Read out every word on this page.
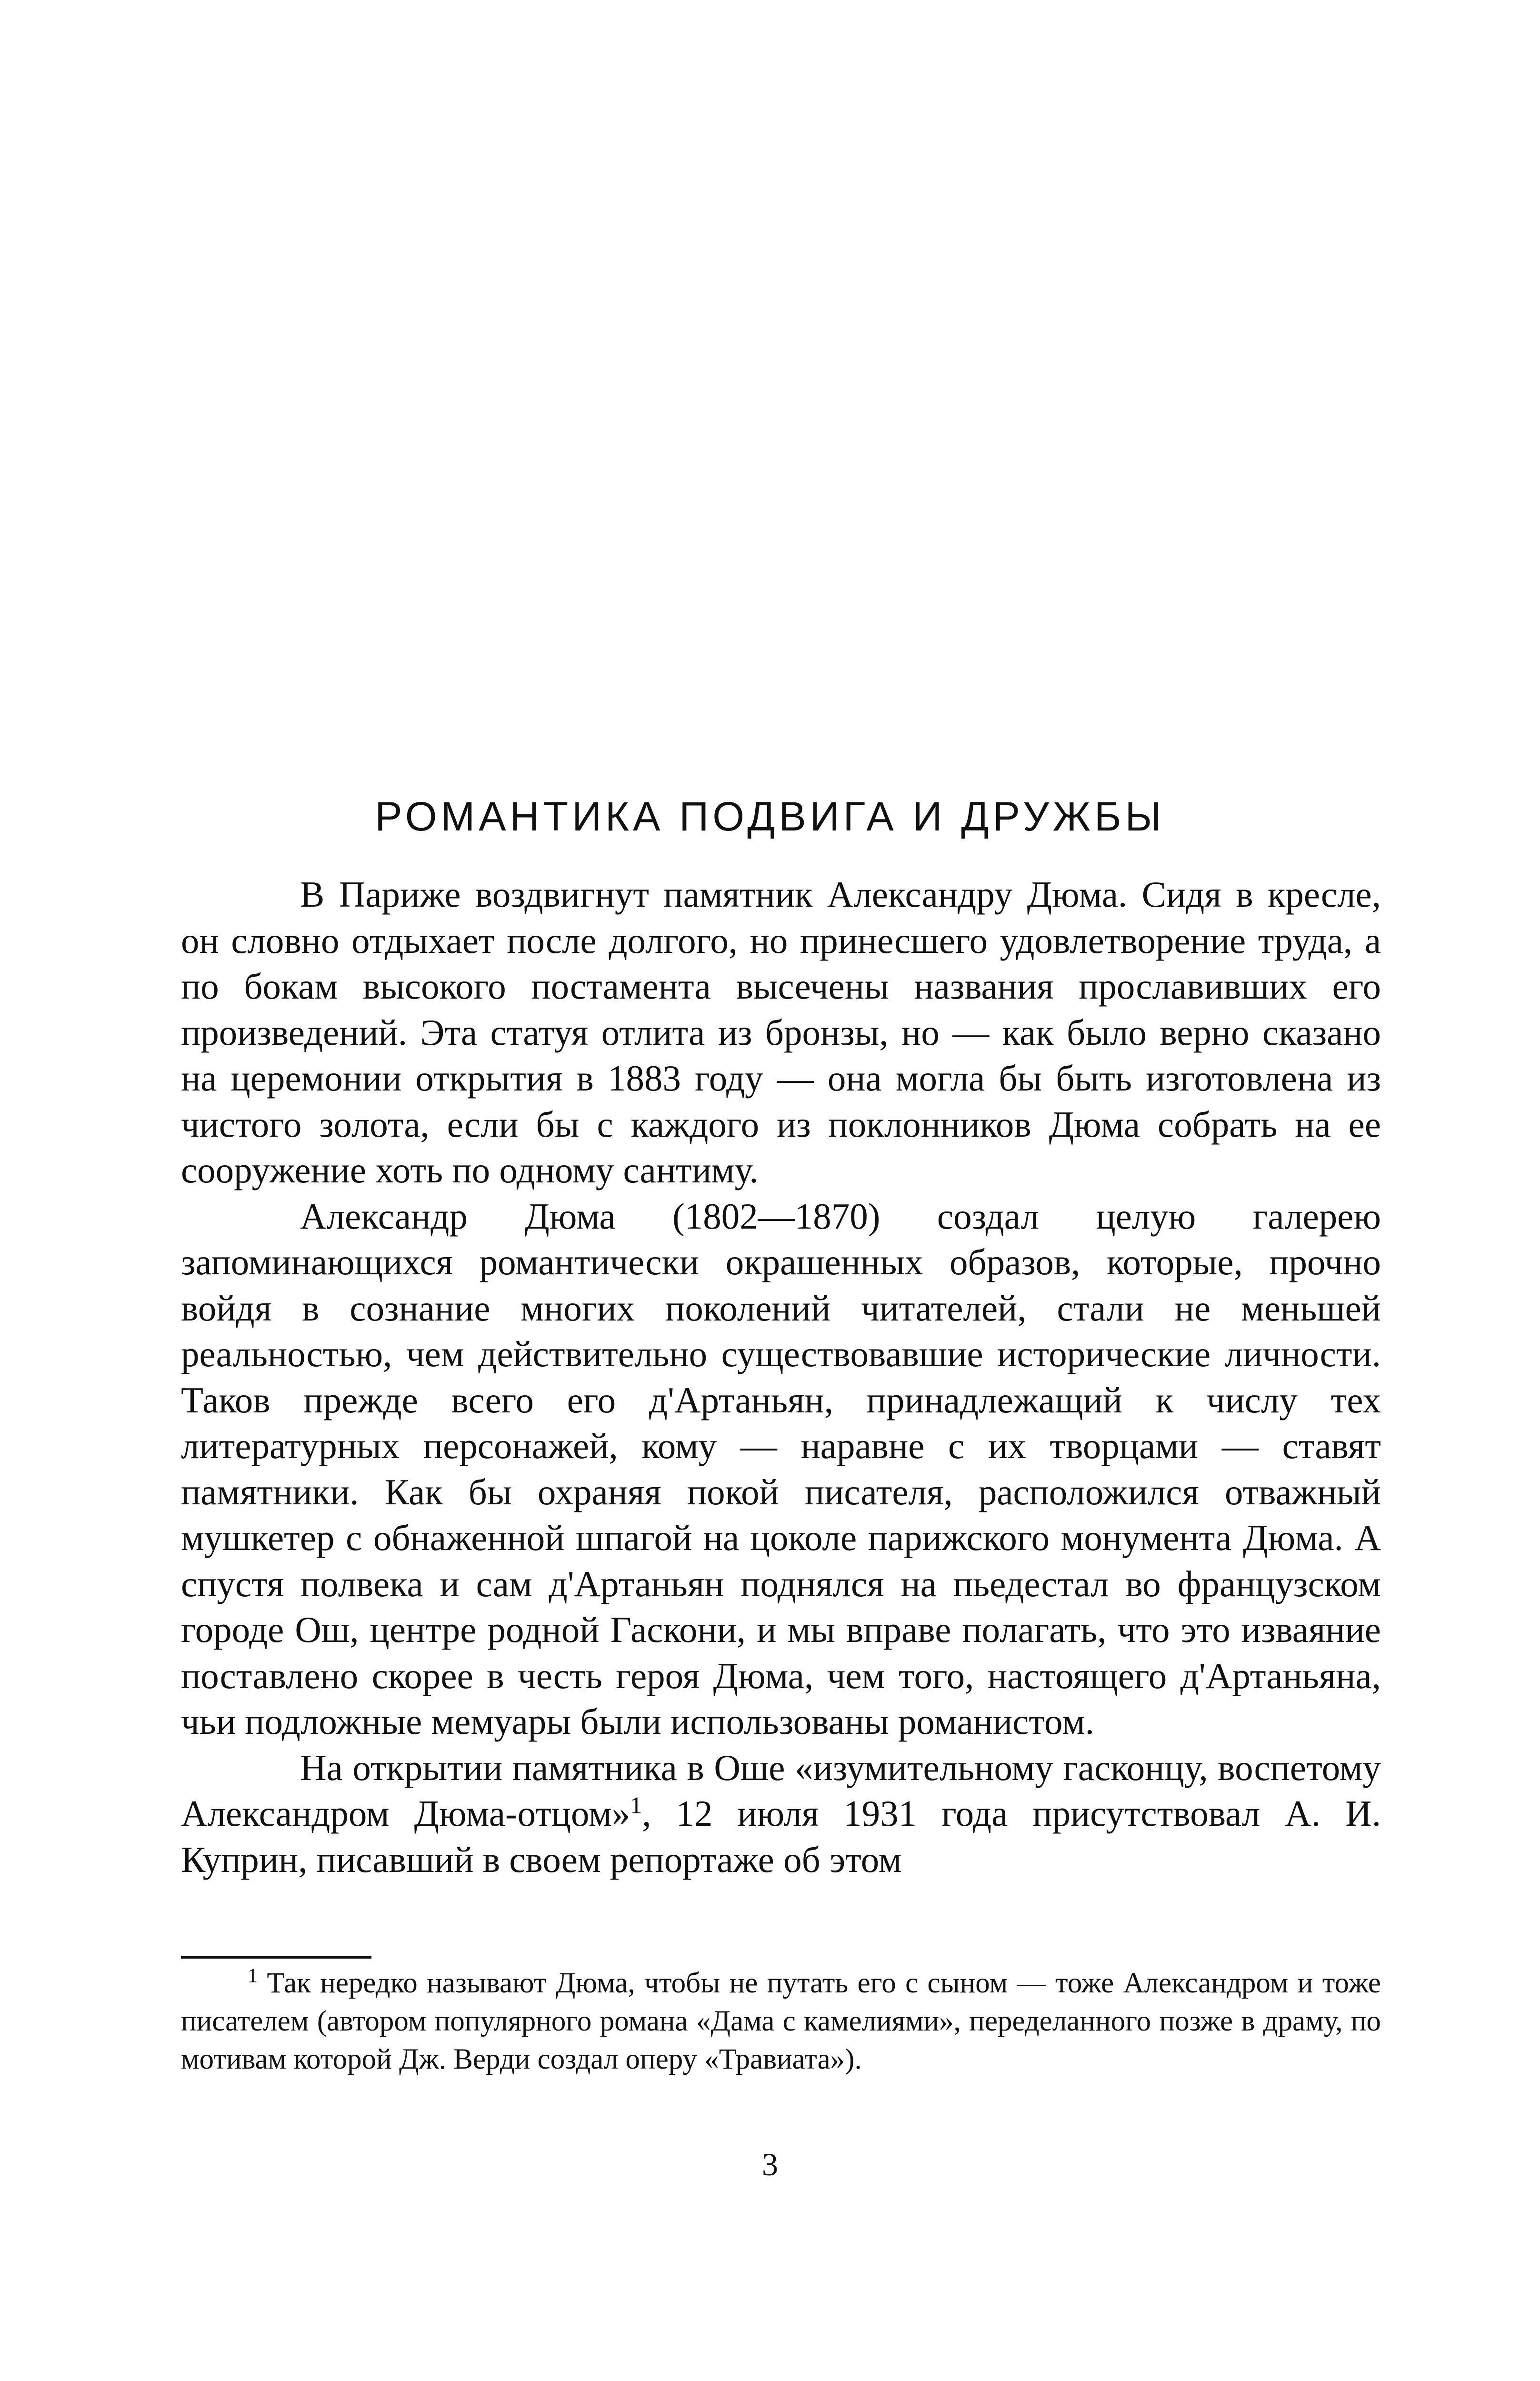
РОМАНТИКА ПОДВИГА И ДРУЖБЫ

В Париже воздвигнут памятник Александру Дюма. Сидя в кресле, он словно отдыхает после долгого, но принесшего удовлетворение труда, а по бокам высокого постамента высечены названия прославивших его произведений. Эта статуя отлита из бронзы, но — как было верно сказано на церемонии открытия в 1883 году — она могла бы быть изготовлена из чистого золота, если бы с каждого из поклонников Дюма собрать на ее сооружение хоть по одному сантиму.

Александр Дюма (1802—1870) создал целую галерею запоминающихся романтически окрашенных образов, которые, прочно войдя в сознание многих поколений читателей, стали не меньшей реальностью, чем действительно существовавшие исторические личности. Таков прежде всего его д'Артаньян, принадлежащий к числу тех литературных персонажей, кому — наравне с их творцами — ставят памятники. Как бы охраняя покой писателя, расположился отважный мушкетер с обнаженной шпагой на цоколе парижского монумента Дюма. А спустя полвека и сам д'Артаньян поднялся на пьедестал во французском городе Ош, центре родной Гаскони, и мы вправе полагать, что это изваяние поставлено скорее в честь героя Дюма, чем того, настоящего д'Артаньяна, чьи подложные мемуары были использованы романистом.

На открытии памятника в Оше «изумительному гасконцу, воспетому Александром Дюма-отцом»$^1$, 12 июля 1931 года присутствовал А. И. Куприн, писавший в своем репортаже об этом

$^1$ Так нередко называют Дюма, чтобы не путать его с сыном — тоже Александром и тоже писателем (автором популярного романа «Дама с камелиями», переделанного позже в драму, по мотивам которой Дж. Верди создал оперу «Травиата»).

3
